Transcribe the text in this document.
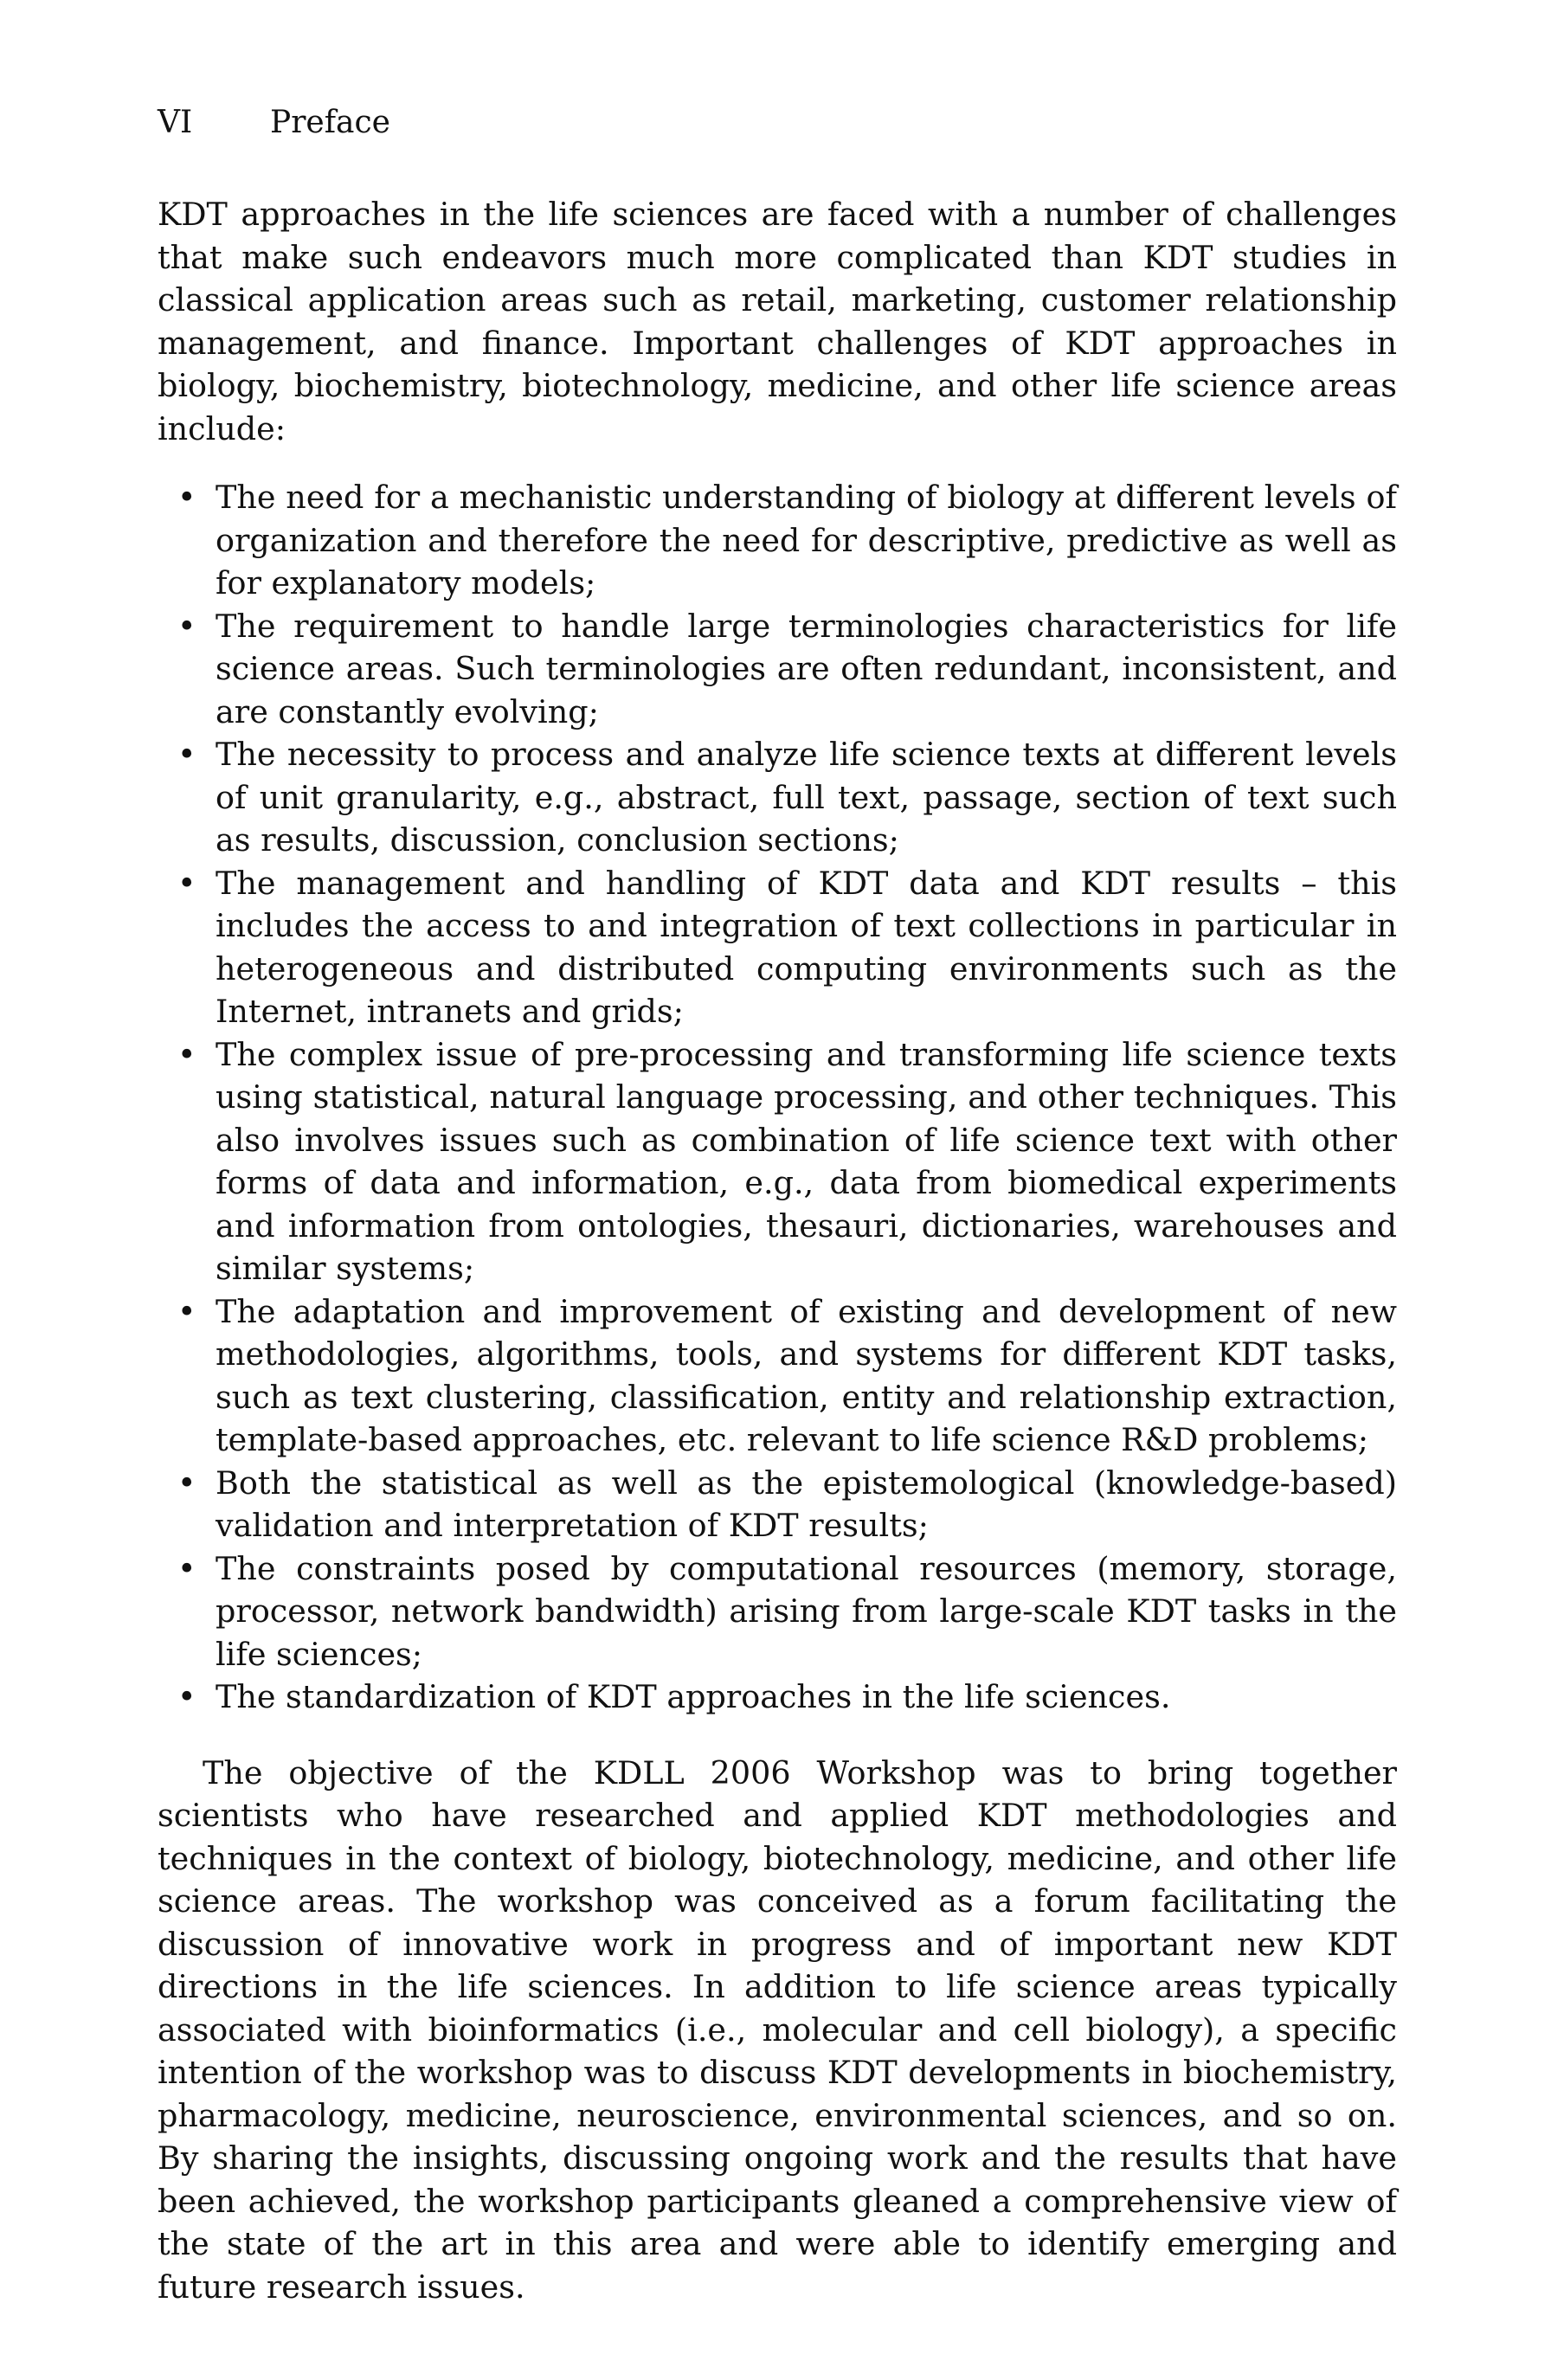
VI	Preface

KDT approaches in the life sciences are faced with a number of challenges that make such endeavors much more complicated than KDT studies in classical application areas such as retail, marketing, customer relationship management, and finance. Important challenges of KDT approaches in biology, biochemistry, biotechnology, medicine, and other life science areas include:

• The need for a mechanistic understanding of biology at different levels of organization and therefore the need for descriptive, predictive as well as for explanatory models;
• The requirement to handle large terminologies characteristics for life science areas. Such terminologies are often redundant, inconsistent, and are constantly evolving;
• The necessity to process and analyze life science texts at different levels of unit granularity, e.g., abstract, full text, passage, section of text such as results, discussion, conclusion sections;
• The management and handling of KDT data and KDT results – this includes the access to and integration of text collections in particular in heterogeneous and distributed computing environments such as the Internet, intranets and grids;
• The complex issue of pre-processing and transforming life science texts using statistical, natural language processing, and other techniques. This also involves issues such as combination of life science text with other forms of data and information, e.g., data from biomedical experiments and information from ontologies, thesauri, dictionaries, warehouses and similar systems;
• The adaptation and improvement of existing and development of new methodologies, algorithms, tools, and systems for different KDT tasks, such as text clustering, classification, entity and relationship extraction, template-based approaches, etc. relevant to life science R&D problems;
• Both the statistical as well as the epistemological (knowledge-based) validation and interpretation of KDT results;
• The constraints posed by computational resources (memory, storage, processor, network bandwidth) arising from large-scale KDT tasks in the life sciences;
• The standardization of KDT approaches in the life sciences.

The objective of the KDLL 2006 Workshop was to bring together scientists who have researched and applied KDT methodologies and techniques in the context of biology, biotechnology, medicine, and other life science areas. The workshop was conceived as a forum facilitating the discussion of innovative work in progress and of important new KDT directions in the life sciences. In addition to life science areas typically associated with bioinformatics (i.e., molecular and cell biology), a specific intention of the workshop was to discuss KDT developments in biochemistry, pharmacology, medicine, neuroscience, environmental sciences, and so on. By sharing the insights, discussing ongoing work and the results that have been achieved, the workshop participants gleaned a comprehensive view of the state of the art in this area and were able to identify emerging and future research issues.
